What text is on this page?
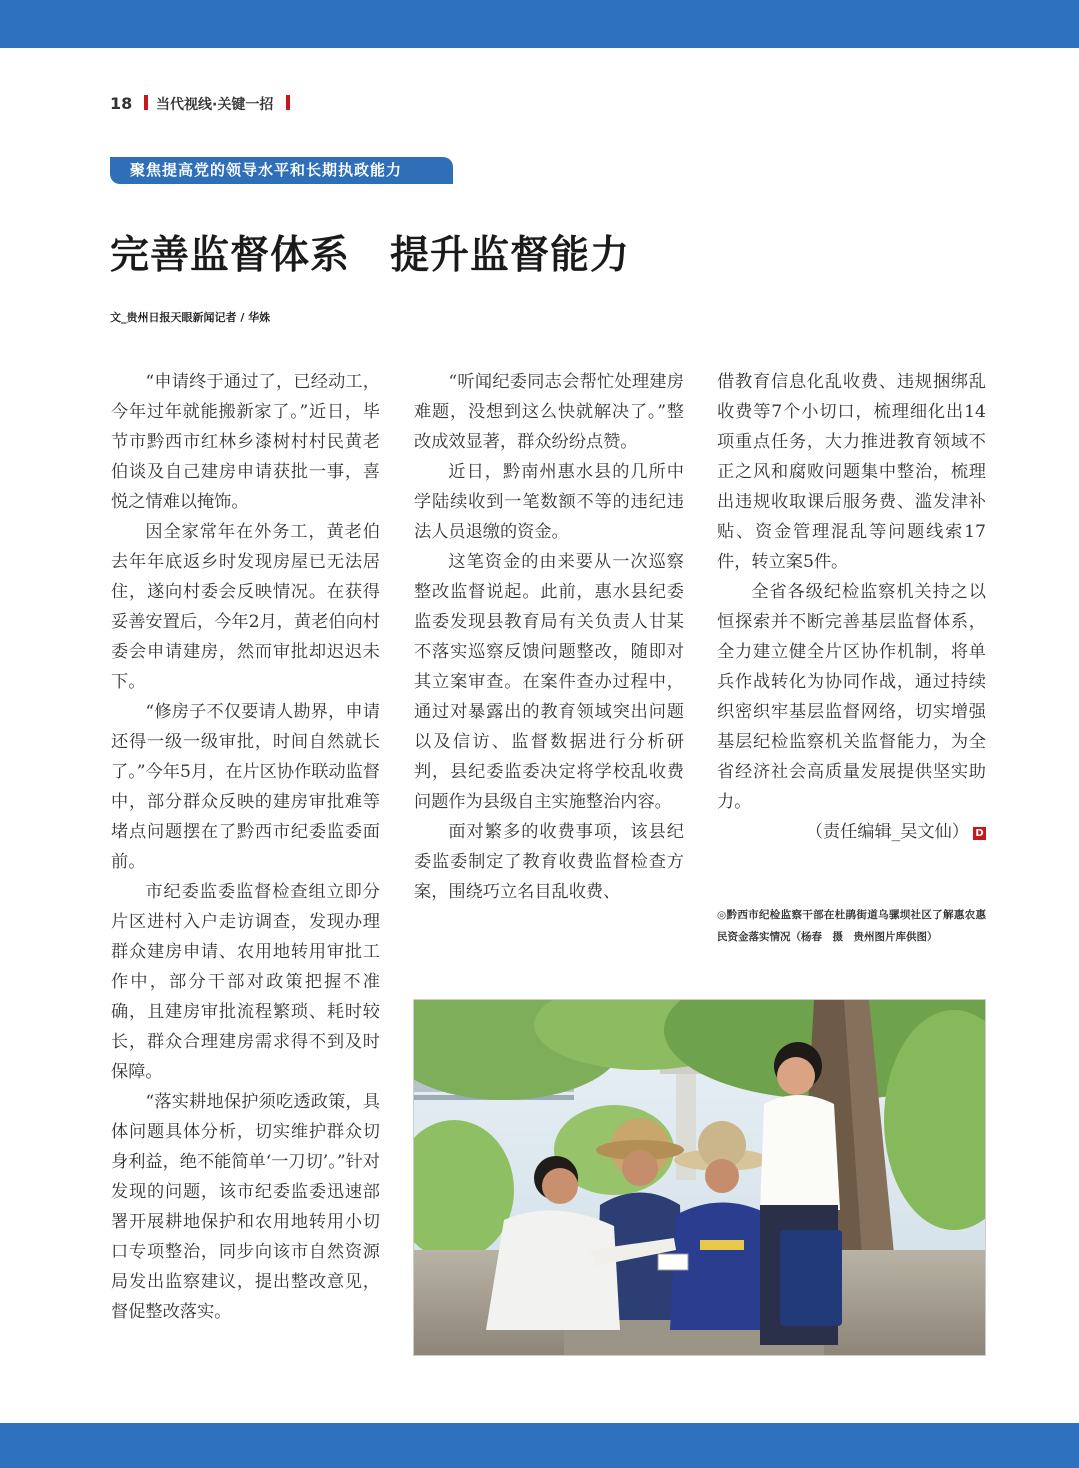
18 当代视线·关键一招
聚焦提高党的领导水平和长期执政能力
完善监督体系　提升监督能力
文_贵州日报天眼新闻记者 / 华姝

“申请终于通过了，已经动工，今年过年就能搬新家了。”近日，毕节市黔西市红林乡漆树村村民黄老伯谈及自己建房申请获批一事，喜悦之情难以掩饰。

因全家常年在外务工，黄老伯去年年底返乡时发现房屋已无法居住，遂向村委会反映情况。在获得妥善安置后，今年2月，黄老伯向村委会申请建房，然而审批却迟迟未下。

“修房子不仅要请人勘界，申请还得一级一级审批，时间自然就长了。”今年5月，在片区协作联动监督中，部分群众反映的建房审批难等堵点问题摆在了黔西市纪委监委面前。

市纪委监委监督检查组立即分片区进村入户走访调查，发现办理群众建房申请、农用地转用审批工作中，部分干部对政策把握不准确，且建房审批流程繁琐、耗时较长，群众合理建房需求得不到及时保障。

“落实耕地保护须吃透政策，具体问题具体分析，切实维护群众切身利益，绝不能简单‘一刀切’。”针对发现的问题，该市纪委监委迅速部署开展耕地保护和农用地转用小切口专项整治，同步向该市自然资源局发出监察建议，提出整改意见，督促整改落实。

“听闻纪委同志会帮忙处理建房难题，没想到这么快就解决了。”整改成效显著，群众纷纷点赞。

近日，黔南州惠水县的几所中学陆续收到一笔数额不等的违纪违法人员退缴的资金。

这笔资金的由来要从一次巡察整改监督说起。此前，惠水县纪委监委发现县教育局有关负责人甘某不落实巡察反馈问题整改，随即对其立案审查。在案件查办过程中，通过对暴露出的教育领域突出问题以及信访、监督数据进行分析研判，县纪委监委决定将学校乱收费问题作为县级自主实施整治内容。

面对繁多的收费事项，该县纪委监委制定了教育收费监督检查方案，围绕巧立名目乱收费、

借教育信息化乱收费、违规捆绑乱收费等7个小切口，梳理细化出14项重点任务，大力推进教育领域不正之风和腐败问题集中整治，梳理出违规收取课后服务费、滥发津补贴、资金管理混乱等问题线索17件，转立案5件。

全省各级纪检监察机关持之以恒探索并不断完善基层监督体系，全力建立健全片区协作机制，将单兵作战转化为协同作战，通过持续织密织牢基层监督网络，切实增强基层纪检监察机关监督能力，为全省经济社会高质量发展提供坚实助力。

（责任编辑_吴文仙） D

◎黔西市纪检监察干部在杜鹃街道乌骡坝社区了解惠农惠民资金落实情况（杨春　摄　贵州图片库供图）
